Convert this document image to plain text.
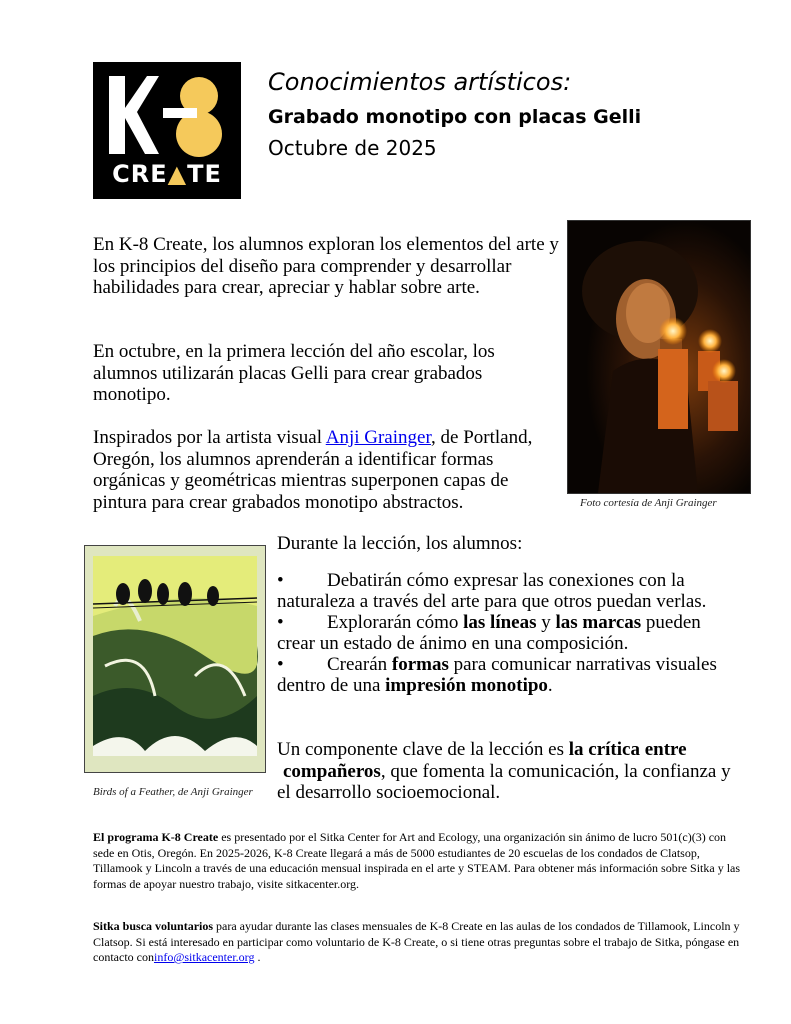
CRE▲TE
Conocimientos artísticos:
Grabado monotipo con placas Gelli
Octubre de 2025
En K-8 Create, los alumnos exploran los elementos del arte y los principios del diseño para comprender y desarrollar habilidades para crear, apreciar y hablar sobre arte.
En octubre, en la primera lección del año escolar, los alumnos utilizarán placas Gelli para crear grabados monotipo.
Inspirados por la artista visual Anji Grainger, de Portland, Oregón, los alumnos aprenderán a identificar formas orgánicas y geométricas mientras superponen capas de pintura para crear grabados monotipo abstractos.	Foto cortesía de Anji Grainger
Birds of a Feather, de Anji Grainger
Durante la lección, los alumnos:
• Debatirán cómo expresar las conexiones con la naturaleza a través del arte para que otros puedan verlas.
• Explorarán cómo las líneas y las marcas pueden crear un estado de ánimo en una composición.
• Crearán formas para comunicar narrativas visuales dentro de una impresión monotipo.
Un componente clave de la lección es la crítica entre
compañeros, que fomenta la comunicación, la confianza y el desarrollo socioemocional.
El programa K-8 Create es presentado por el Sitka Center for Art and Ecology, una organización sin ánimo de lucro 501(c)(3) con sede en Otis, Oregón. En 2025-2026, K-8 Create llegará a más de 5000 estudiantes de 20 escuelas de los condados de Clatsop, Tillamook y Lincoln a través de una educación mensual inspirada en el arte y STEAM. Para obtener más información sobre Sitka y las formas de apoyar nuestro trabajo, visite sitkacenter.org.
Sitka busca voluntarios para ayudar durante las clases mensuales de K-8 Create en las aulas de los condados de Tillamook, Lincoln y Clatsop. Si está interesado en participar como voluntario de K-8 Create, o si tiene otras preguntas sobre el trabajo de Sitka, póngase en contacto coninfo@sitkacenter.org .
